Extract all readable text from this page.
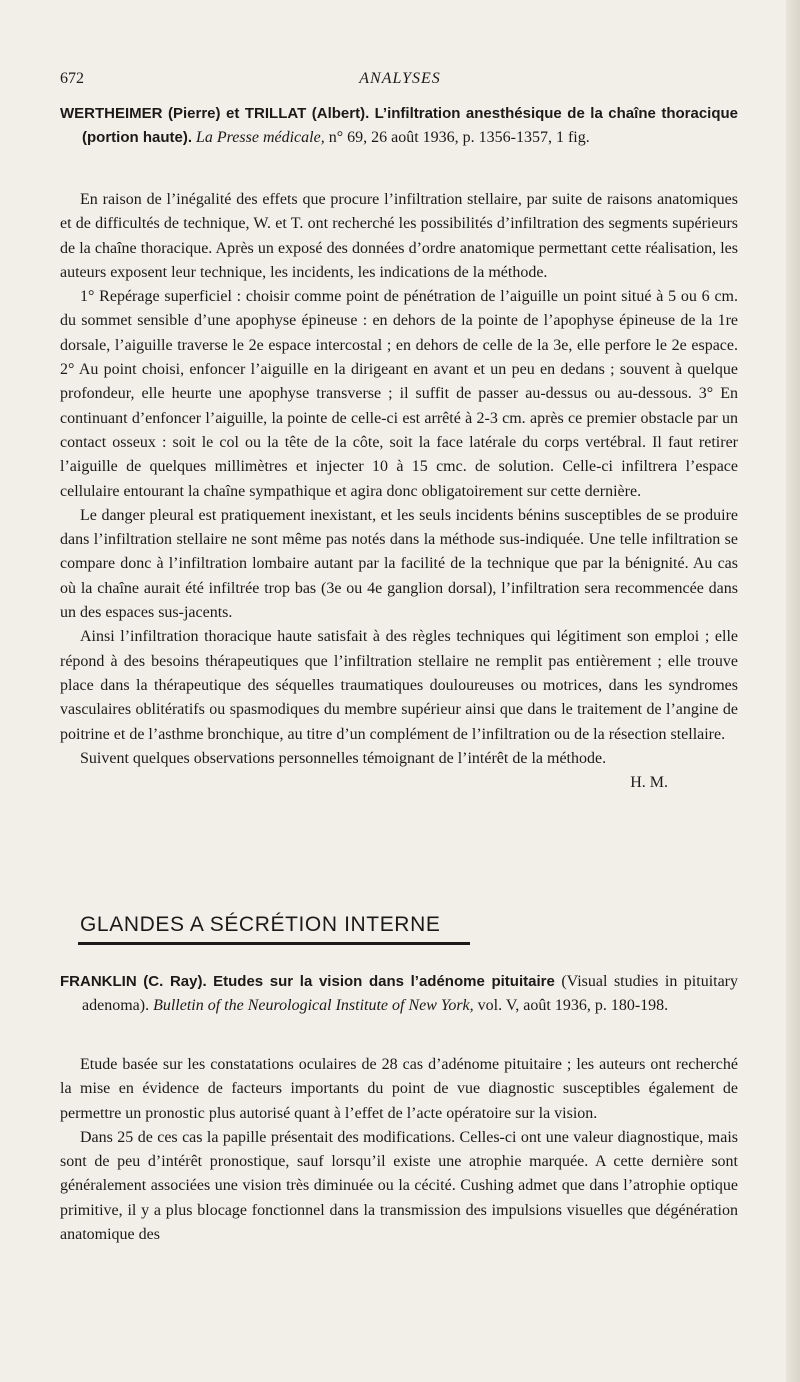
672	ANALYSES
WERTHEIMER (Pierre) et TRILLAT (Albert). L’infiltration anesthésique de la chaîne thoracique (portion haute). La Presse médicale, n° 69, 26 août 1936, p. 1356-1357, 1 fig.

En raison de l’inégalité des effets que procure l’infiltration stellaire, par suite de raisons anatomiques et de difficultés de technique, W. et T. ont recherché les possibilités d’infiltration des segments supérieurs de la chaîne thoracique. Après un exposé des données d’ordre anatomique permettant cette réalisation, les auteurs exposent leur technique, les incidents, les indications de la méthode.

1° Repérage superficiel : choisir comme point de pénétration de l’aiguille un point situé à 5 ou 6 cm. du sommet sensible d’une apophyse épineuse : en dehors de la pointe de l’apophyse épineuse de la 1re dorsale, l’aiguille traverse le 2e espace intercostal ; en dehors de celle de la 3e, elle perfore le 2e espace. 2° Au point choisi, enfoncer l’aiguille en la dirigeant en avant et un peu en dedans ; souvent à quelque profondeur, elle heurte une apophyse transverse ; il suffit de passer au-dessus ou au-dessous. 3° En continuant d’enfoncer l’aiguille, la pointe de celle-ci est arrêté à 2-3 cm. après ce premier obstacle par un contact osseux : soit le col ou la tête de la côte, soit la face latérale du corps vertébral. Il faut retirer l’aiguille de quelques millimètres et injecter 10 à 15 cmc. de solution. Celle-ci infiltrera l’espace cellulaire entourant la chaîne sympathique et agira donc obligatoirement sur cette dernière.

Le danger pleural est pratiquement inexistant, et les seuls incidents bénins susceptibles de se produire dans l’infiltration stellaire ne sont même pas notés dans la méthode sus-indiquée. Une telle infiltration se compare donc à l’infiltration lombaire autant par la facilité de la technique que par la bénignité. Au cas où la chaîne aurait été infiltrée trop bas (3e ou 4e ganglion dorsal), l’infiltration sera recommencée dans un des espaces sus-jacents.

Ainsi l’infiltration thoracique haute satisfait à des règles techniques qui légitiment son emploi ; elle répond à des besoins thérapeutiques que l’infiltration stellaire ne remplit pas entièrement ; elle trouve place dans la thérapeutique des séquelles traumatiques douloureuses ou motrices, dans les syndromes vasculaires oblitératifs ou spasmodiques du membre supérieur ainsi que dans le traitement de l’angine de poitrine et de l’asthme bronchique, au titre d’un complément de l’infiltration ou de la résection stellaire.

Suivent quelques observations personnelles témoignant de l’intérêt de la méthode.

H. M.

GLANDES A SÉCRÉTION INTERNE
FRANKLIN (C. Ray). Etudes sur la vision dans l’adénome pituitaire (Visual studies in pituitary adenoma). Bulletin of the Neurological Institute of New York, vol. V, août 1936, p. 180-198.

Etude basée sur les constatations oculaires de 28 cas d’adénome pituitaire ; les auteurs ont recherché la mise en évidence de facteurs importants du point de vue diagnostic susceptibles également de permettre un pronostic plus autorisé quant à l’effet de l’acte opératoire sur la vision.

Dans 25 de ces cas la papille présentait des modifications. Celles-ci ont une valeur diagnostique, mais sont de peu d’intérêt pronostique, sauf lorsqu’il existe une atrophie marquée. A cette dernière sont généralement associées une vision très diminuée ou la cécité. Cushing admet que dans l’atrophie optique primitive, il y a plus blocage fonctionnel dans la transmission des impulsions visuelles que dégénération anatomique des
